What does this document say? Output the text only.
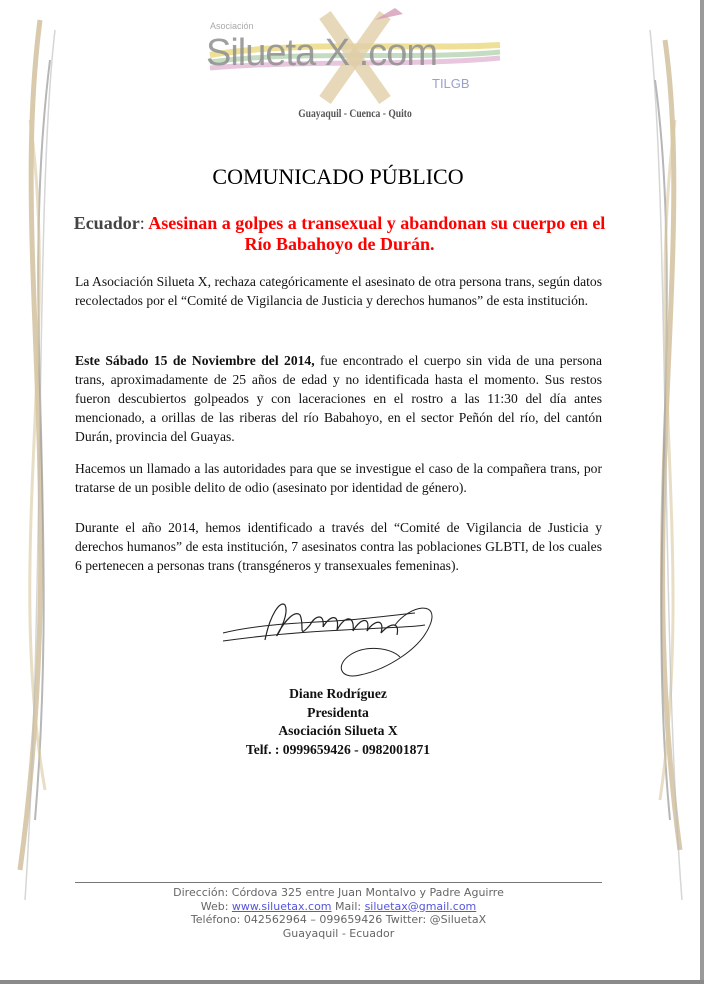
Asociación
Silueta X .com
TILGB
Guayaquil - Cuenca - Quito
COMUNICADO PÚBLICO
Ecuador: Asesinan a golpes a transexual y abandonan su cuerpo en el Río Babahoyo de Durán.
La Asociación Silueta X, rechaza categóricamente el asesinato de otra persona trans, según datos recolectados por el “Comité de Vigilancia de Justicia y derechos humanos” de esta institución.
Este Sábado 15 de Noviembre del 2014, fue encontrado el cuerpo sin vida de una persona trans, aproximadamente de 25 años de edad y no identificada hasta el momento. Sus restos fueron descubiertos golpeados y con laceraciones en el rostro a las 11:30 del día antes mencionado, a orillas de las riberas del río Babahoyo, en el sector Peñón del río, del cantón Durán, provincia del Guayas.
Hacemos un llamado a las autoridades para que se investigue el caso de la compañera trans, por tratarse de un posible delito de odio (asesinato por identidad de género).
Durante el año 2014, hemos identificado a través del “Comité de Vigilancia de Justicia y derechos humanos” de esta institución, 7 asesinatos contra las poblaciones GLBTI, de los cuales 6 pertenecen a personas trans (transgéneros y transexuales femeninas).
Diane Rodríguez
Presidenta
Asociación Silueta X
Telf. : 0999659426 - 0982001871
Dirección: Córdova 325 entre Juan Montalvo y Padre Aguirre
Web: www.siluetax.com Mail: siluetax@gmail.com
Teléfono: 042562964 – 099659426 Twitter: @SiluetaX
Guayaquil - Ecuador
